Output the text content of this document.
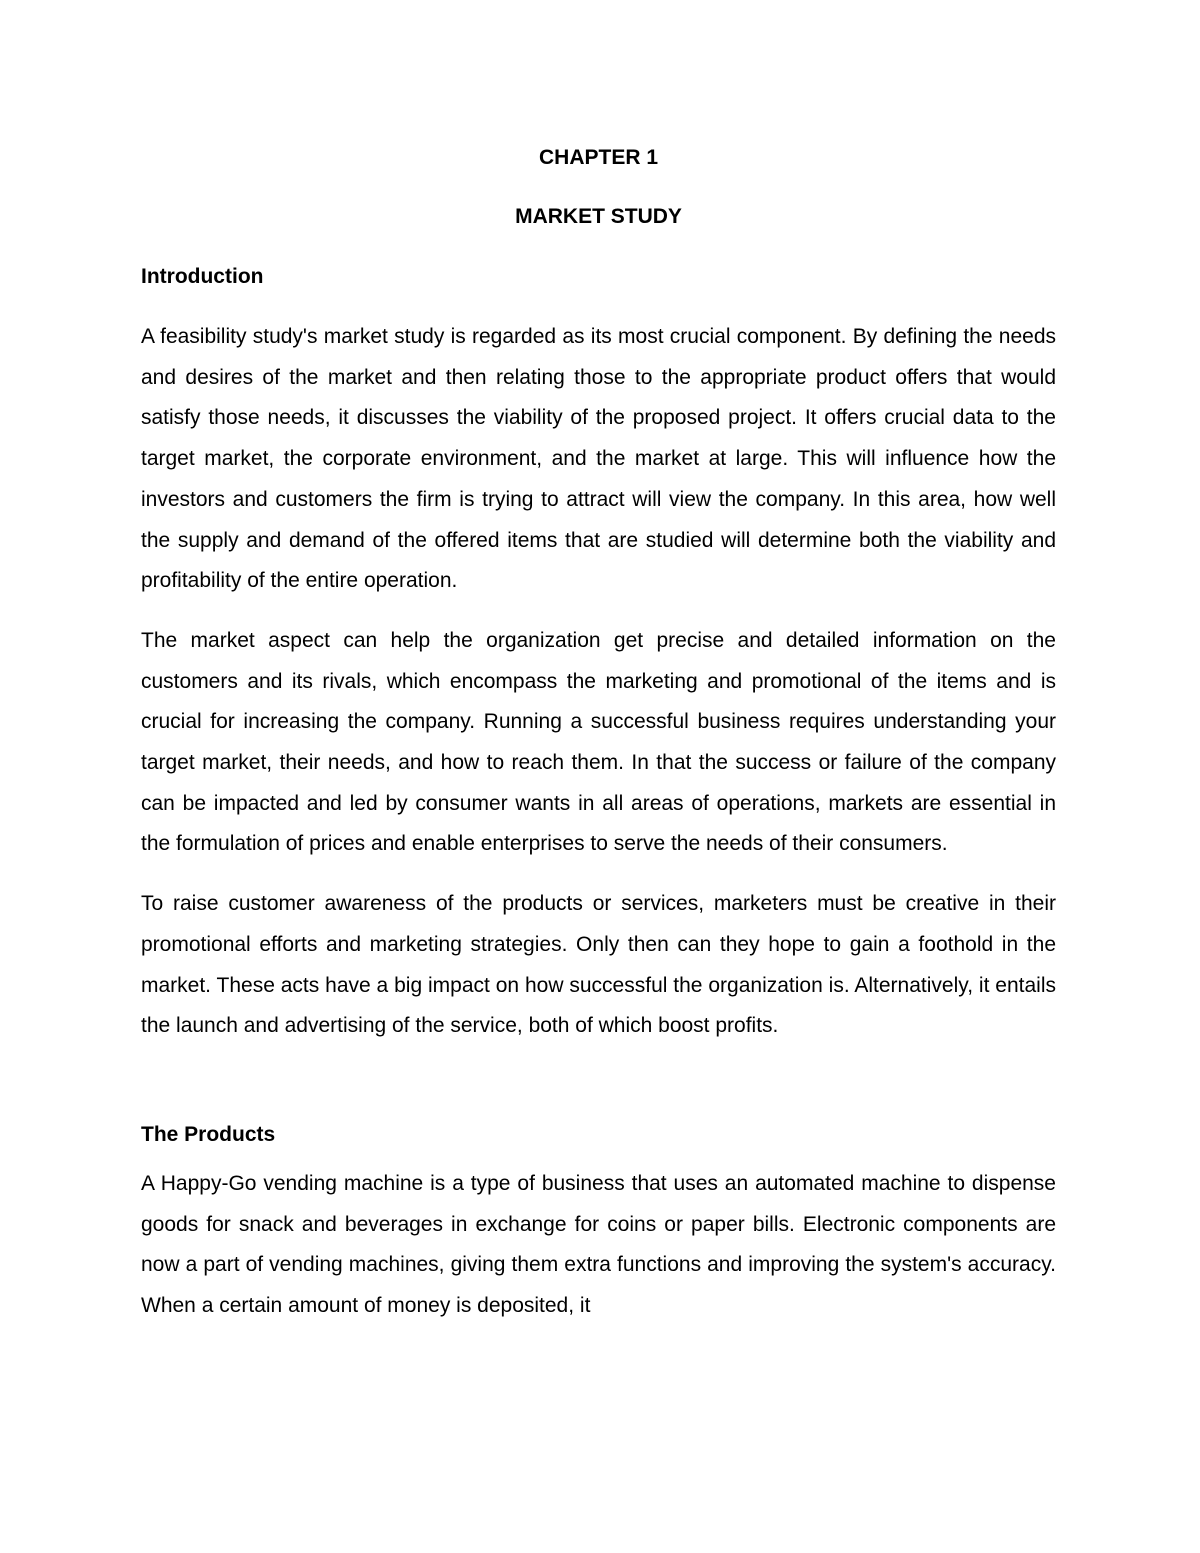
CHAPTER 1
MARKET STUDY
Introduction

A feasibility study's market study is regarded as its most crucial component. By defining the needs and desires of the market and then relating those to the appropriate product offers that would satisfy those needs, it discusses the viability of the proposed project. It offers crucial data to the target market, the corporate environment, and the market at large. This will influence how the investors and customers the firm is trying to attract will view the company. In this area, how well the supply and demand of the offered items that are studied will determine both the viability and profitability of the entire operation.

The market aspect can help the organization get precise and detailed information on the customers and its rivals, which encompass the marketing and promotional of the items and is crucial for increasing the company. Running a successful business requires understanding your target market, their needs, and how to reach them. In that the success or failure of the company can be impacted and led by consumer wants in all areas of operations, markets are essential in the formulation of prices and enable enterprises to serve the needs of their consumers.

To raise customer awareness of the products or services, marketers must be creative in their promotional efforts and marketing strategies. Only then can they hope to gain a foothold in the market. These acts have a big impact on how successful the organization is. Alternatively, it entails the launch and advertising of the service, both of which boost profits.

The Products

A Happy-Go vending machine is a type of business that uses an automated machine to dispense goods for snack and beverages in exchange for coins or paper bills. Electronic components are now a part of vending machines, giving them extra functions and improving the system's accuracy. When a certain amount of money is deposited, it
